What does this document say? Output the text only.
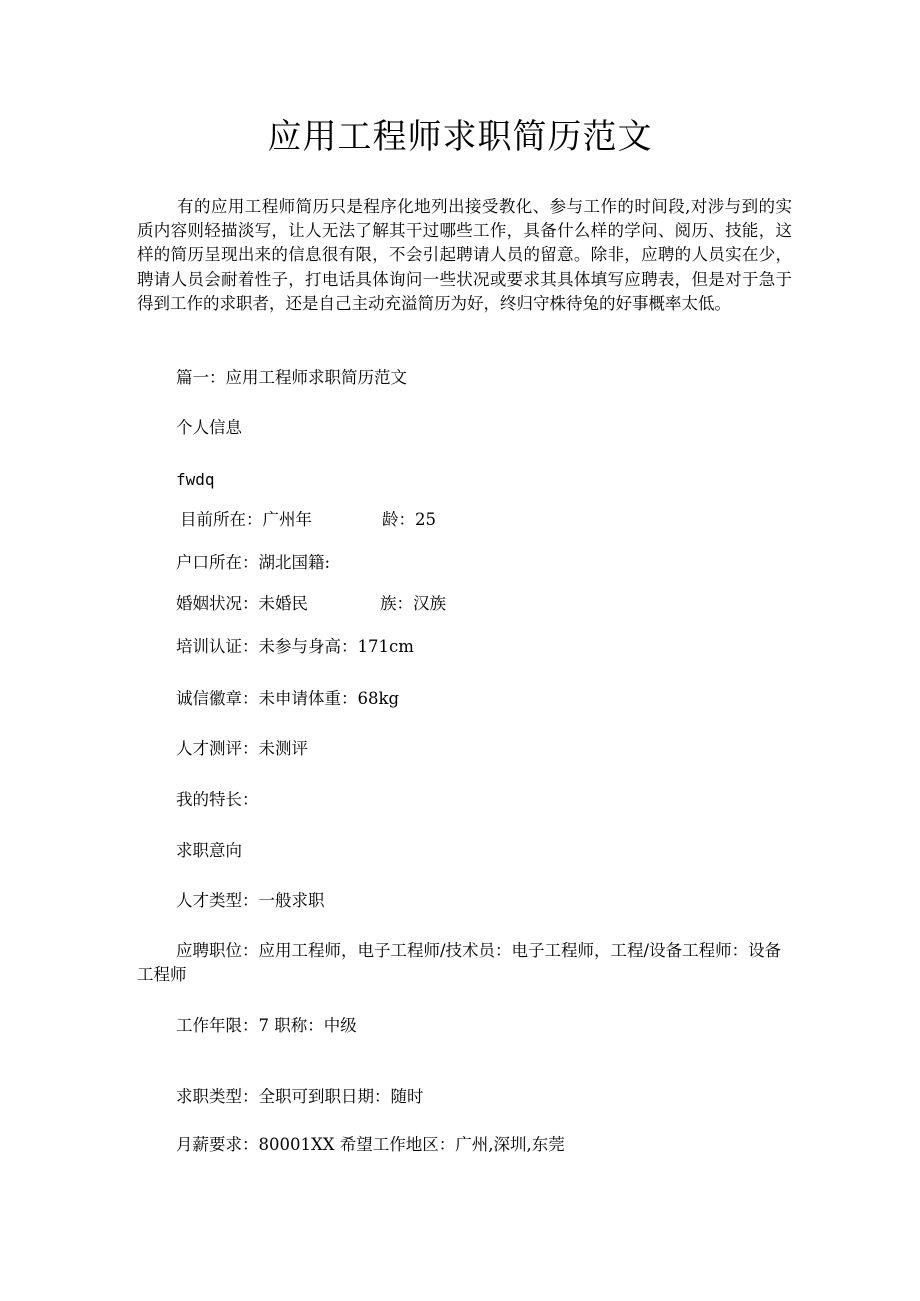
应用工程师求职简历范文

有的应用工程师简历只是程序化地列出接受教化、参与工作的时间段,对涉与到的实质内容则轻描淡写，让人无法了解其干过哪些工作，具备什么样的学问、阅历、技能，这样的简历呈现出来的信息很有限，不会引起聘请人员的留意。除非，应聘的人员实在少，聘请人员会耐着性子，打电话具体询问一些状况或要求其具体填写应聘表，但是对于急于得到工作的求职者，还是自己主动充溢简历为好，终归守株待兔的好事概率太低。

篇一：应用工程师求职简历范文

个人信息

fwdq

目前所在：广州年	龄：25

户口所在：湖北国籍:

婚姻状况：未婚民	族：汉族

培训认证：未参与身高：171cm

诚信徽章：未申请体重：68kg

人才测评：未测评

我的特长：

求职意向

人才类型：一般求职

应聘职位：应用工程师，电子工程师/技术员：电子工程师，工程/设备工程师：设备工程师

工作年限：7 职称：中级

求职类型：全职可到职日期：随时

月薪要求：80001XX 希望工作地区：广州,深圳,东莞
